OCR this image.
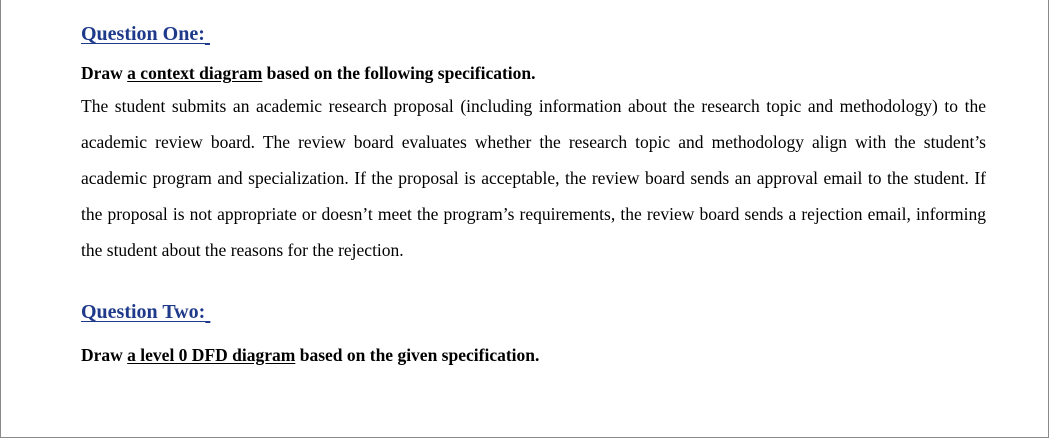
Question One:

Draw a context diagram based on the following specification.

The student submits an academic research proposal (including information about the research topic and methodology) to the academic review board. The review board evaluates whether the research topic and methodology align with the student’s academic program and specialization. If the proposal is acceptable, the review board sends an approval email to the student. If the proposal is not appropriate or doesn’t meet the program’s requirements, the review board sends a rejection email, informing the student about the reasons for the rejection.

Question Two:

Draw a level 0 DFD diagram based on the given specification.
